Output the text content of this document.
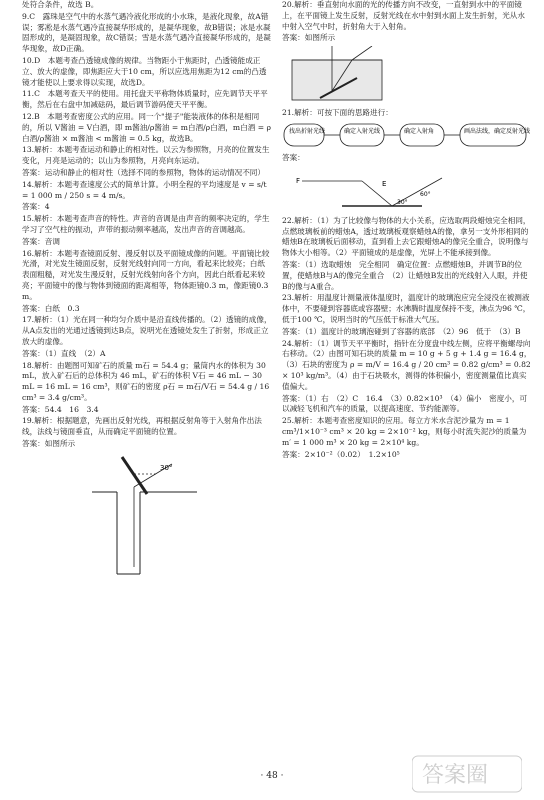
处符合条件，故选 B。

9.C　露珠是空气中的水蒸气遇冷液化形成的小水珠，是液化现象，故A错误；雾凇是水蒸气遇冷直接凝华形成的，是凝华现象，故B错误；冰是水凝固形成的，是凝固现象，故C错误；雪是水蒸气遇冷直接凝华形成的，是凝华现象，故D正确。

10.D　本题考查凸透镜成像的规律。当物距小于焦距时，凸透镜能成正立、放大的虚像，即焦距应大于10 cm，所以应选用焦距为12 cm的凸透镜才能使以上要求得以实现，故选D。

11.C　本题考查天平的使用。用托盘天平称物体质量时，应先调节天平平衡，然后在右盘中加减砝码，最后调节游码使天平平衡。

12.B　本题考查密度公式的应用。同一个"提子"能装液体的体积是相同的，所以 V酱油 = V白酒，即 m酱油/ρ酱油 = m白酒/ρ白酒，m白酒 = ρ白酒/ρ酱油 × m酱油 < m酱油 = 0.5 kg，故选B。

13.解析：本题考查运动和静止的相对性。以云为参照物，月亮的位置发生变化，月亮是运动的；以山为参照物，月亮向东运动。

答案：运动和静止的相对性（选择不同的参照物，物体的运动情况不同）

14.解析：本题考查速度公式的简单计算。小明全程的平均速度是 v = s/t = 1 000 m / 250 s = 4 m/s。

答案：4

15.解析：本题考查声音的特性。声音的音调是由声音的频率决定的，学生学习了空气柱的振动，声带的振动频率越高，发出声音的音调越高。

答案：音调

16.解析：本题考查镜面反射、漫反射以及平面镜成像的问题。平面镜比较光滑，对光发生镜面反射，反射光线射向同一方向，看起来比较亮；白纸表面粗糙，对光发生漫反射，反射光线射向各个方向，因此白纸看起来较亮；平面镜中的像与物体到镜面的距离相等，物体距镜0.3 m，像距镜0.3 m。

答案：白纸　0.3

17.解析：（1）光在同一种均匀介质中是沿直线传播的。（2）透镜的成像，从A点发出的光通过透镜到达B点，说明光在透镜处发生了折射，形成正立放大的虚像。

答案：（1）直线　（2）A

18.解析：由题图可知矿石的质量 m石 = 54.4 g；量筒内水的体积为 30 mL，放入矿石后的总体积为 46 mL，矿石的体积 V石 = 46 mL − 30 mL = 16 mL = 16 cm³，则矿石的密度 ρ石 = m石/V石 = 54.4 g / 16 cm³ = 3.4 g/cm³。

答案：54.4　16　3.4

19.解析：根据题意，先画出反射光线，再根据反射角等于入射角作出法线，法线与镜面垂直，从而确定平面镜的位置。

答案：如图所示

30°

20.解析：垂直射向水面的光的传播方向不改变，一直射到水中的平面镜上，在平面镜上发生反射，反射光线在水中射到水面上发生折射，光从水中射入空气中时，折射角大于入射角。

答案：如图所示

21.解析：可按下面的思路进行：

找出折射光线	确定入射光线	确定入射角	画出法线，确定反射光线

答案：

F	E
30°
60°

22.解析：（1）为了比较像与物体的大小关系，应选取两段蜡烛完全相同，点燃玻璃板前的蜡烛A，透过玻璃板观察蜡烛A的像，拿另一支外形相同的蜡烛B在玻璃板后面移动，直到看上去它跟蜡烛A的像完全重合，说明像与物体大小相等。（2）平面镜成的是虚像，光屏上不能承接到像。

答案：（1）选取蜡烛　完全相同　确定位置：点燃蜡烛B，并调节B的位置，使蜡烛B与A的像完全重合　（2）让蜡烛B发出的光线射入人眼，并使B的像与A重合。

23.解析：用温度计测量液体温度时，温度计的玻璃泡应完全浸没在被测液体中，不要碰到容器底或容器壁；水沸腾时温度保持不变，沸点为96 ℃，低于100 ℃，说明当时的气压低于标准大气压。

答案：（1）温度计的玻璃泡碰到了容器的底部　（2）96　低于　（3）B

24.解析：（1）调节天平平衡时，指针在分度盘中线左侧，应将平衡螺母向右移动。（2）由图可知石块的质量 m = 10 g + 5 g + 1.4 g = 16.4 g，（3）石块的密度为 ρ = m/V = 16.4 g / 20 cm³ = 0.82 g/cm³ = 0.82 × 10³ kg/m³。（4）由于石块吸水，测得的体积偏小，密度测量值比真实值偏大。

答案：（1）右　（2）C　16.4　（3）0.82×10³　（4）偏小　密度小，可以减轻飞机和汽车的质量，以提高速度、节约能源等。

25.解析：本题考查密度知识的应用。每立方米水含泥沙量为 m = 1 cm³/1×10⁻³ cm³ × 20 kg = 2×10⁻² kg，则每小时流失泥沙的质量为 m′ = 1 000 m³ × 20 kg = 2×10⁴ kg。

答案：2×10⁻²（0.02）　1.2×10⁵

· 48 ·	答案圈
